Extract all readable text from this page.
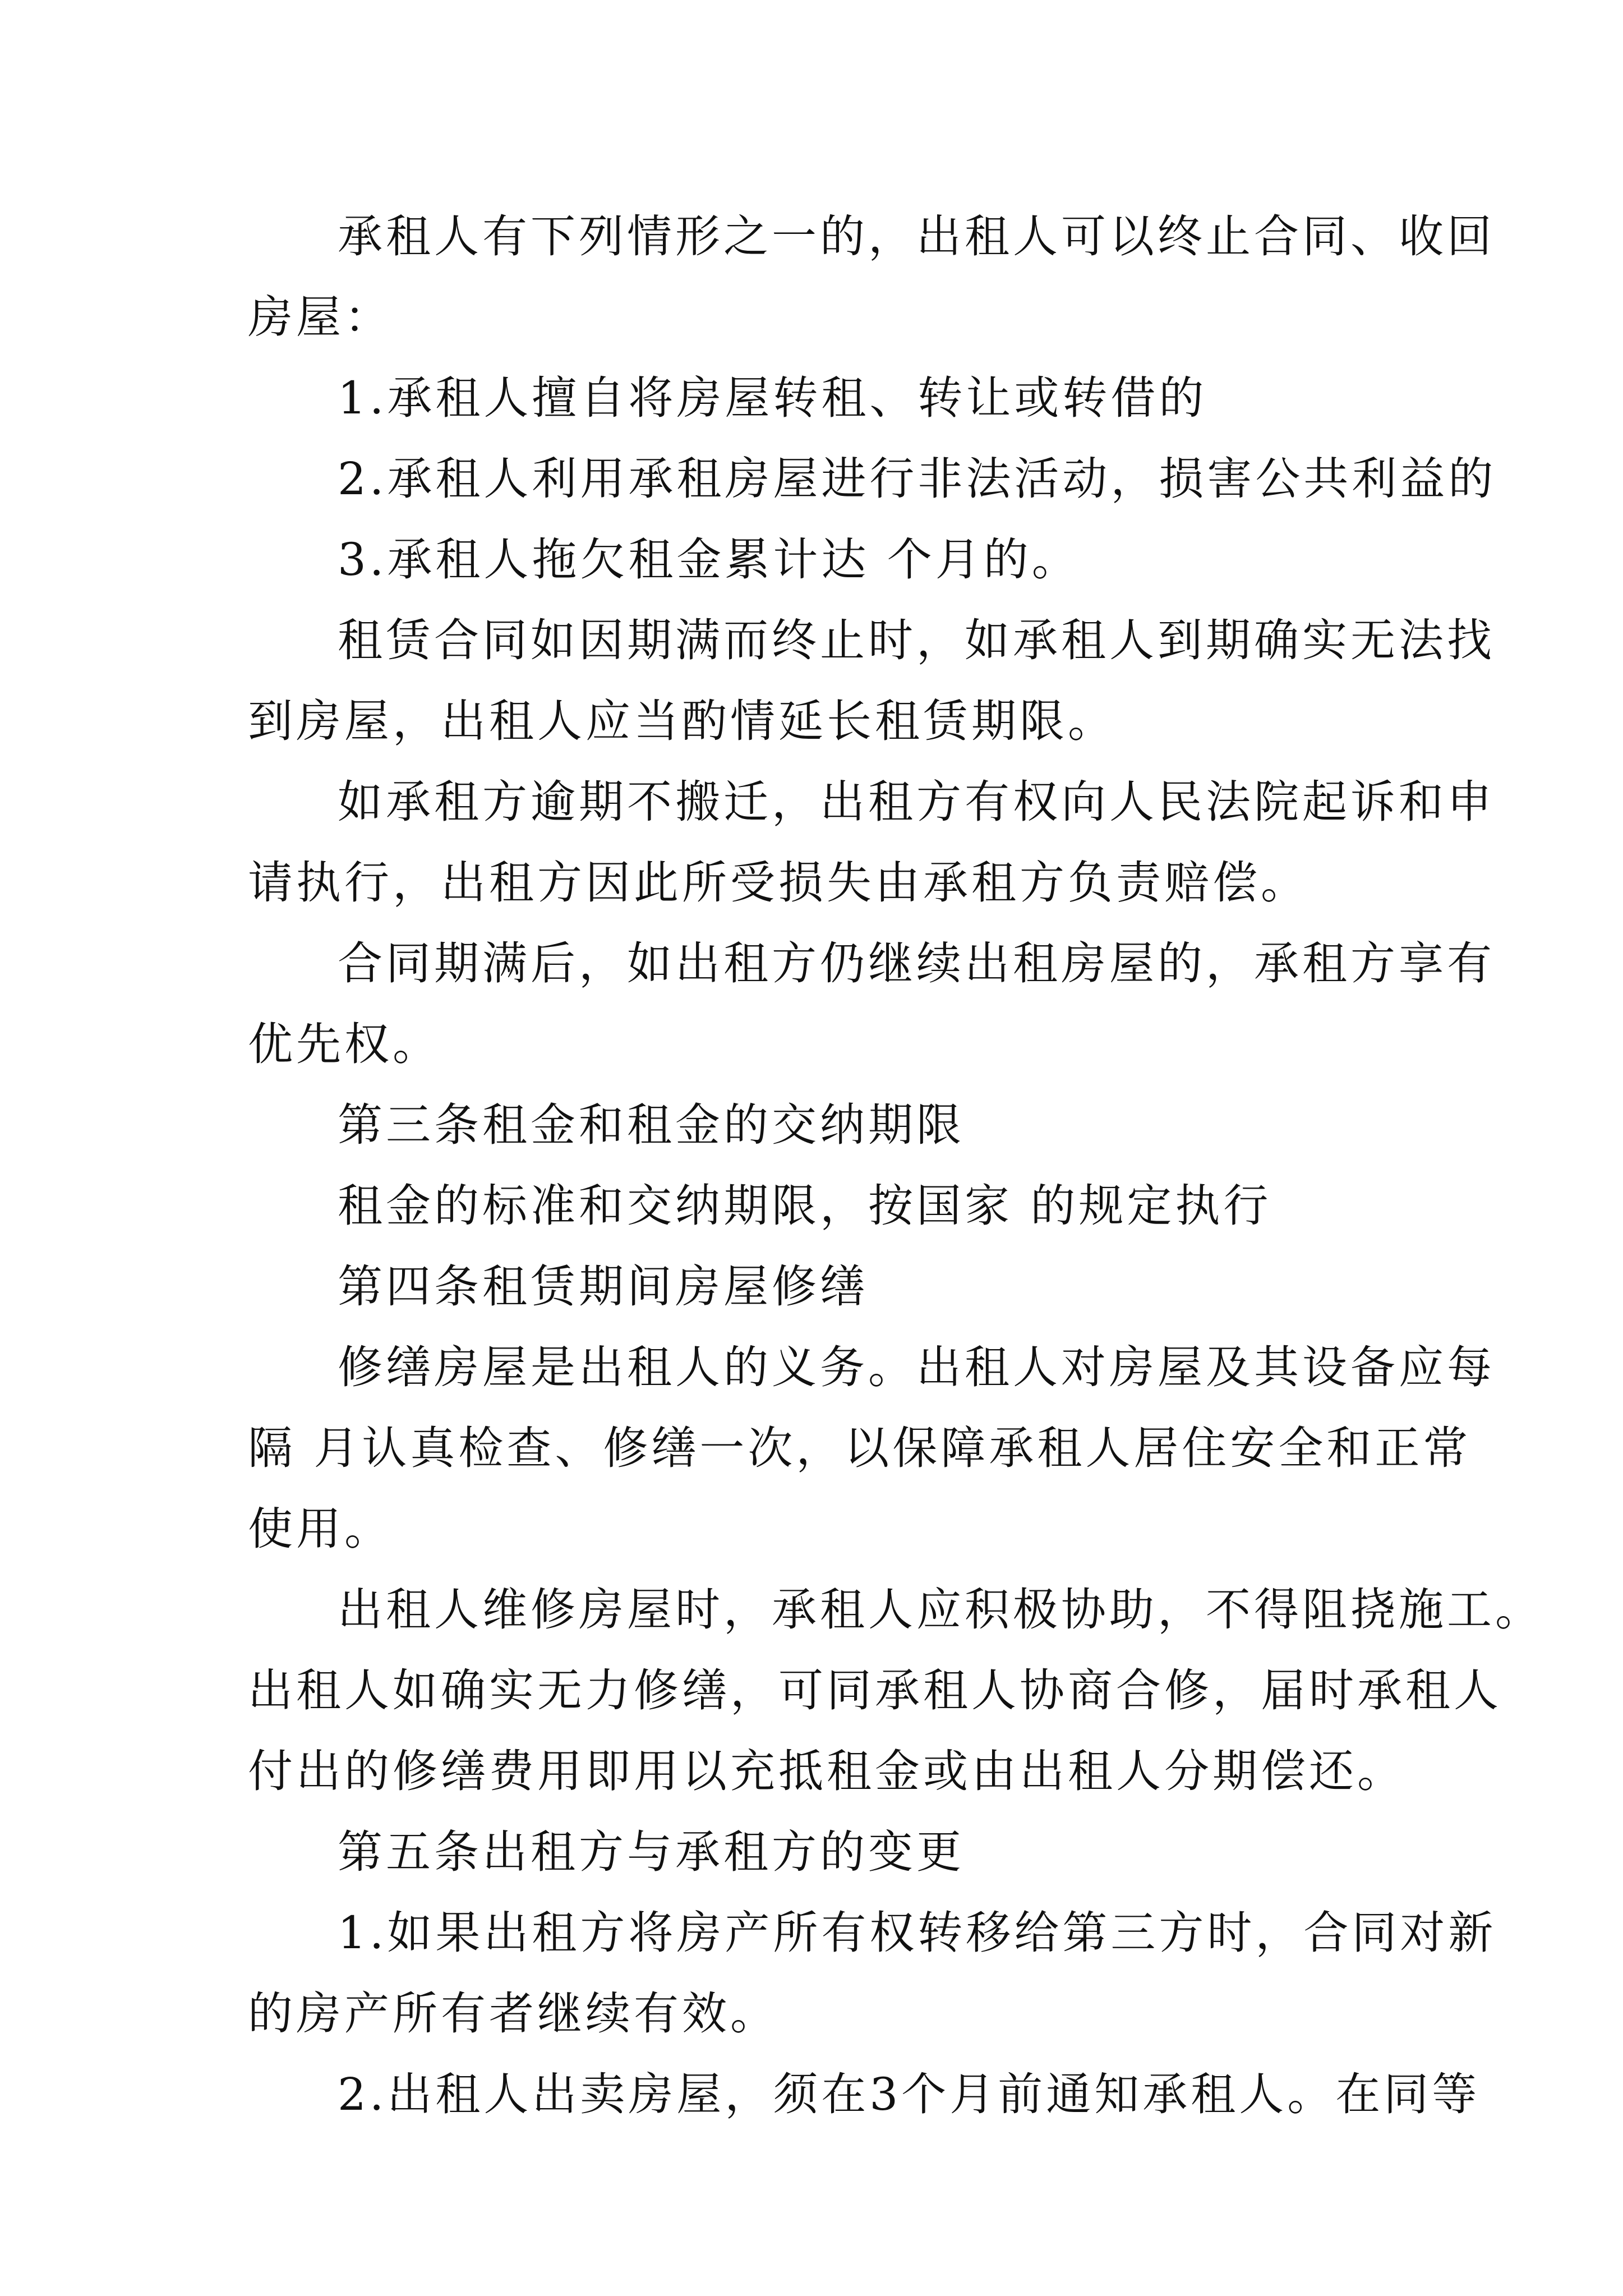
承租人有下列情形之一的，出租人可以终止合同、收回
房屋：
1.承租人擅自将房屋转租、转让或转借的
2.承租人利用承租房屋进行非法活动，损害公共利益的
3.承租人拖欠租金累计达 个月的。
租赁合同如因期满而终止时，如承租人到期确实无法找
到房屋，出租人应当酌情延长租赁期限。
如承租方逾期不搬迁，出租方有权向人民法院起诉和申
请执行，出租方因此所受损失由承租方负责赔偿。
合同期满后，如出租方仍继续出租房屋的，承租方享有
优先权。
第三条租金和租金的交纳期限
租金的标准和交纳期限，按国家 的规定执行
第四条租赁期间房屋修缮
修缮房屋是出租人的义务。出租人对房屋及其设备应每
隔 月认真检查、修缮一次，以保障承租人居住安全和正常
使用。
出租人维修房屋时，承租人应积极协助，不得阻挠施工。
出租人如确实无力修缮，可同承租人协商合修，届时承租人
付出的修缮费用即用以充抵租金或由出租人分期偿还。
第五条出租方与承租方的变更
1.如果出租方将房产所有权转移给第三方时，合同对新
的房产所有者继续有效。
2.出租人出卖房屋，须在3个月前通知承租人。在同等
